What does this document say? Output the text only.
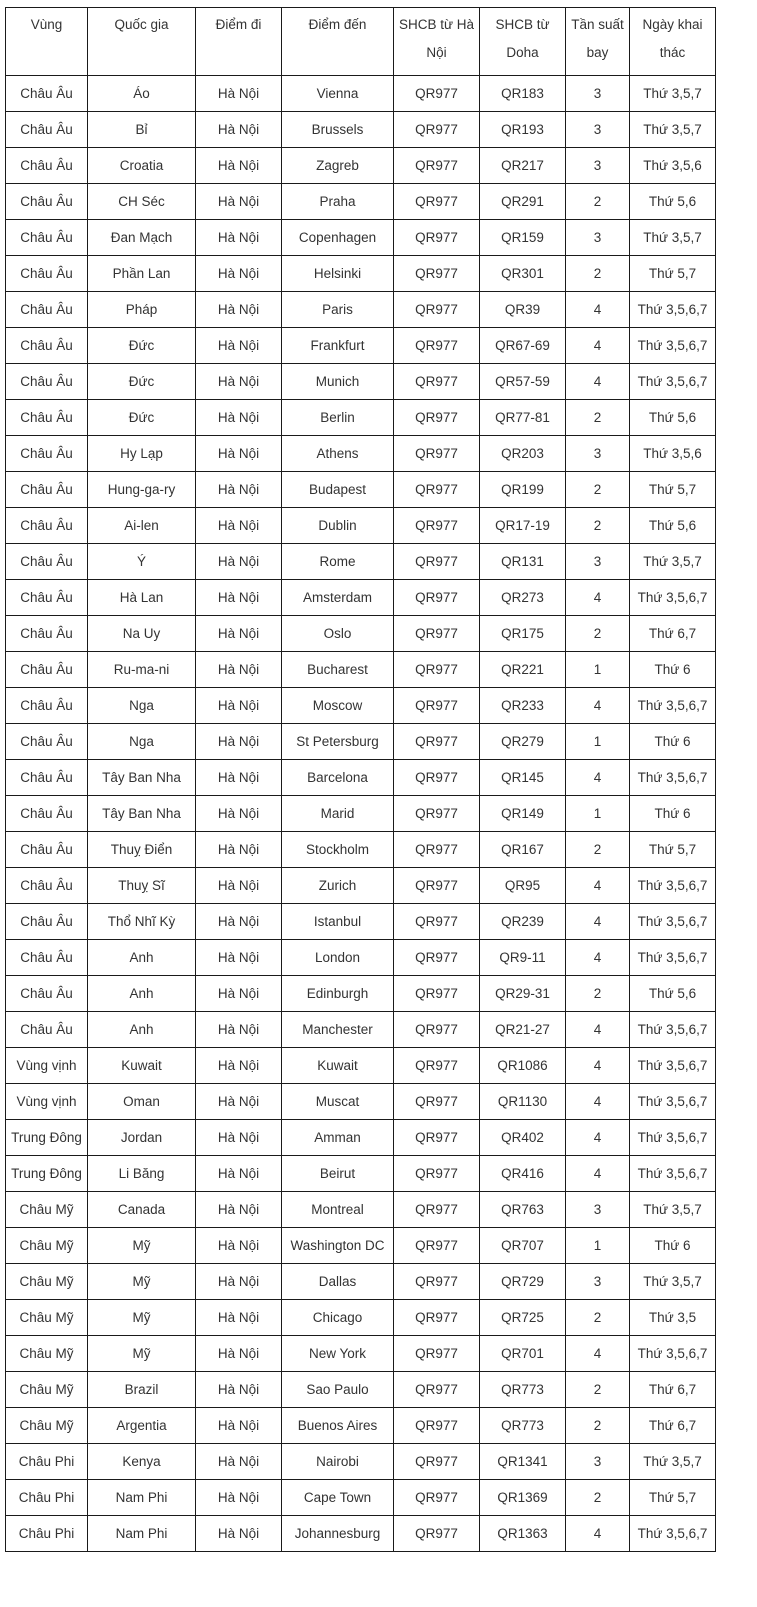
Vùng	Quốc gia	Điểm đi	Điểm đến	SHCB từ Hà Nội	SHCB từ Doha	Tần suất bay	Ngày khai thác
Châu Âu	Áo	Hà Nội	Vienna	QR977	QR183	3	Thứ 3,5,7
Châu Âu	Bỉ	Hà Nội	Brussels	QR977	QR193	3	Thứ 3,5,7
Châu Âu	Croatia	Hà Nội	Zagreb	QR977	QR217	3	Thứ 3,5,6
Châu Âu	CH Séc	Hà Nội	Praha	QR977	QR291	2	Thứ 5,6
Châu Âu	Đan Mạch	Hà Nội	Copenhagen	QR977	QR159	3	Thứ 3,5,7
Châu Âu	Phần Lan	Hà Nội	Helsinki	QR977	QR301	2	Thứ 5,7
Châu Âu	Pháp	Hà Nội	Paris	QR977	QR39	4	Thứ 3,5,6,7
Châu Âu	Đức	Hà Nội	Frankfurt	QR977	QR67-69	4	Thứ 3,5,6,7
Châu Âu	Đức	Hà Nội	Munich	QR977	QR57-59	4	Thứ 3,5,6,7
Châu Âu	Đức	Hà Nội	Berlin	QR977	QR77-81	2	Thứ 5,6
Châu Âu	Hy Lạp	Hà Nội	Athens	QR977	QR203	3	Thứ 3,5,6
Châu Âu	Hung-ga-ry	Hà Nội	Budapest	QR977	QR199	2	Thứ 5,7
Châu Âu	Ai-len	Hà Nội	Dublin	QR977	QR17-19	2	Thứ 5,6
Châu Âu	Ý	Hà Nội	Rome	QR977	QR131	3	Thứ 3,5,7
Châu Âu	Hà Lan	Hà Nội	Amsterdam	QR977	QR273	4	Thứ 3,5,6,7
Châu Âu	Na Uy	Hà Nội	Oslo	QR977	QR175	2	Thứ 6,7
Châu Âu	Ru-ma-ni	Hà Nội	Bucharest	QR977	QR221	1	Thứ 6
Châu Âu	Nga	Hà Nội	Moscow	QR977	QR233	4	Thứ 3,5,6,7
Châu Âu	Nga	Hà Nội	St Petersburg	QR977	QR279	1	Thứ 6
Châu Âu	Tây Ban Nha	Hà Nội	Barcelona	QR977	QR145	4	Thứ 3,5,6,7
Châu Âu	Tây Ban Nha	Hà Nội	Marid	QR977	QR149	1	Thứ 6
Châu Âu	Thuỵ Điển	Hà Nội	Stockholm	QR977	QR167	2	Thứ 5,7
Châu Âu	Thuỵ Sĩ	Hà Nội	Zurich	QR977	QR95	4	Thứ 3,5,6,7
Châu Âu	Thổ Nhĩ Kỳ	Hà Nội	Istanbul	QR977	QR239	4	Thứ 3,5,6,7
Châu Âu	Anh	Hà Nội	London	QR977	QR9-11	4	Thứ 3,5,6,7
Châu Âu	Anh	Hà Nội	Edinburgh	QR977	QR29-31	2	Thứ 5,6
Châu Âu	Anh	Hà Nội	Manchester	QR977	QR21-27	4	Thứ 3,5,6,7
Vùng vịnh	Kuwait	Hà Nội	Kuwait	QR977	QR1086	4	Thứ 3,5,6,7
Vùng vịnh	Oman	Hà Nội	Muscat	QR977	QR1130	4	Thứ 3,5,6,7
Trung Đông	Jordan	Hà Nội	Amman	QR977	QR402	4	Thứ 3,5,6,7
Trung Đông	Li Băng	Hà Nội	Beirut	QR977	QR416	4	Thứ 3,5,6,7
Châu Mỹ	Canada	Hà Nội	Montreal	QR977	QR763	3	Thứ 3,5,7
Châu Mỹ	Mỹ	Hà Nội	Washington DC	QR977	QR707	1	Thứ 6
Châu Mỹ	Mỹ	Hà Nội	Dallas	QR977	QR729	3	Thứ 3,5,7
Châu Mỹ	Mỹ	Hà Nội	Chicago	QR977	QR725	2	Thứ 3,5
Châu Mỹ	Mỹ	Hà Nội	New York	QR977	QR701	4	Thứ 3,5,6,7
Châu Mỹ	Brazil	Hà Nội	Sao Paulo	QR977	QR773	2	Thứ 6,7
Châu Mỹ	Argentia	Hà Nội	Buenos Aires	QR977	QR773	2	Thứ 6,7
Châu Phi	Kenya	Hà Nội	Nairobi	QR977	QR1341	3	Thứ 3,5,7
Châu Phi	Nam Phi	Hà Nội	Cape Town	QR977	QR1369	2	Thứ 5,7
Châu Phi	Nam Phi	Hà Nội	Johannesburg	QR977	QR1363	4	Thứ 3,5,6,7
